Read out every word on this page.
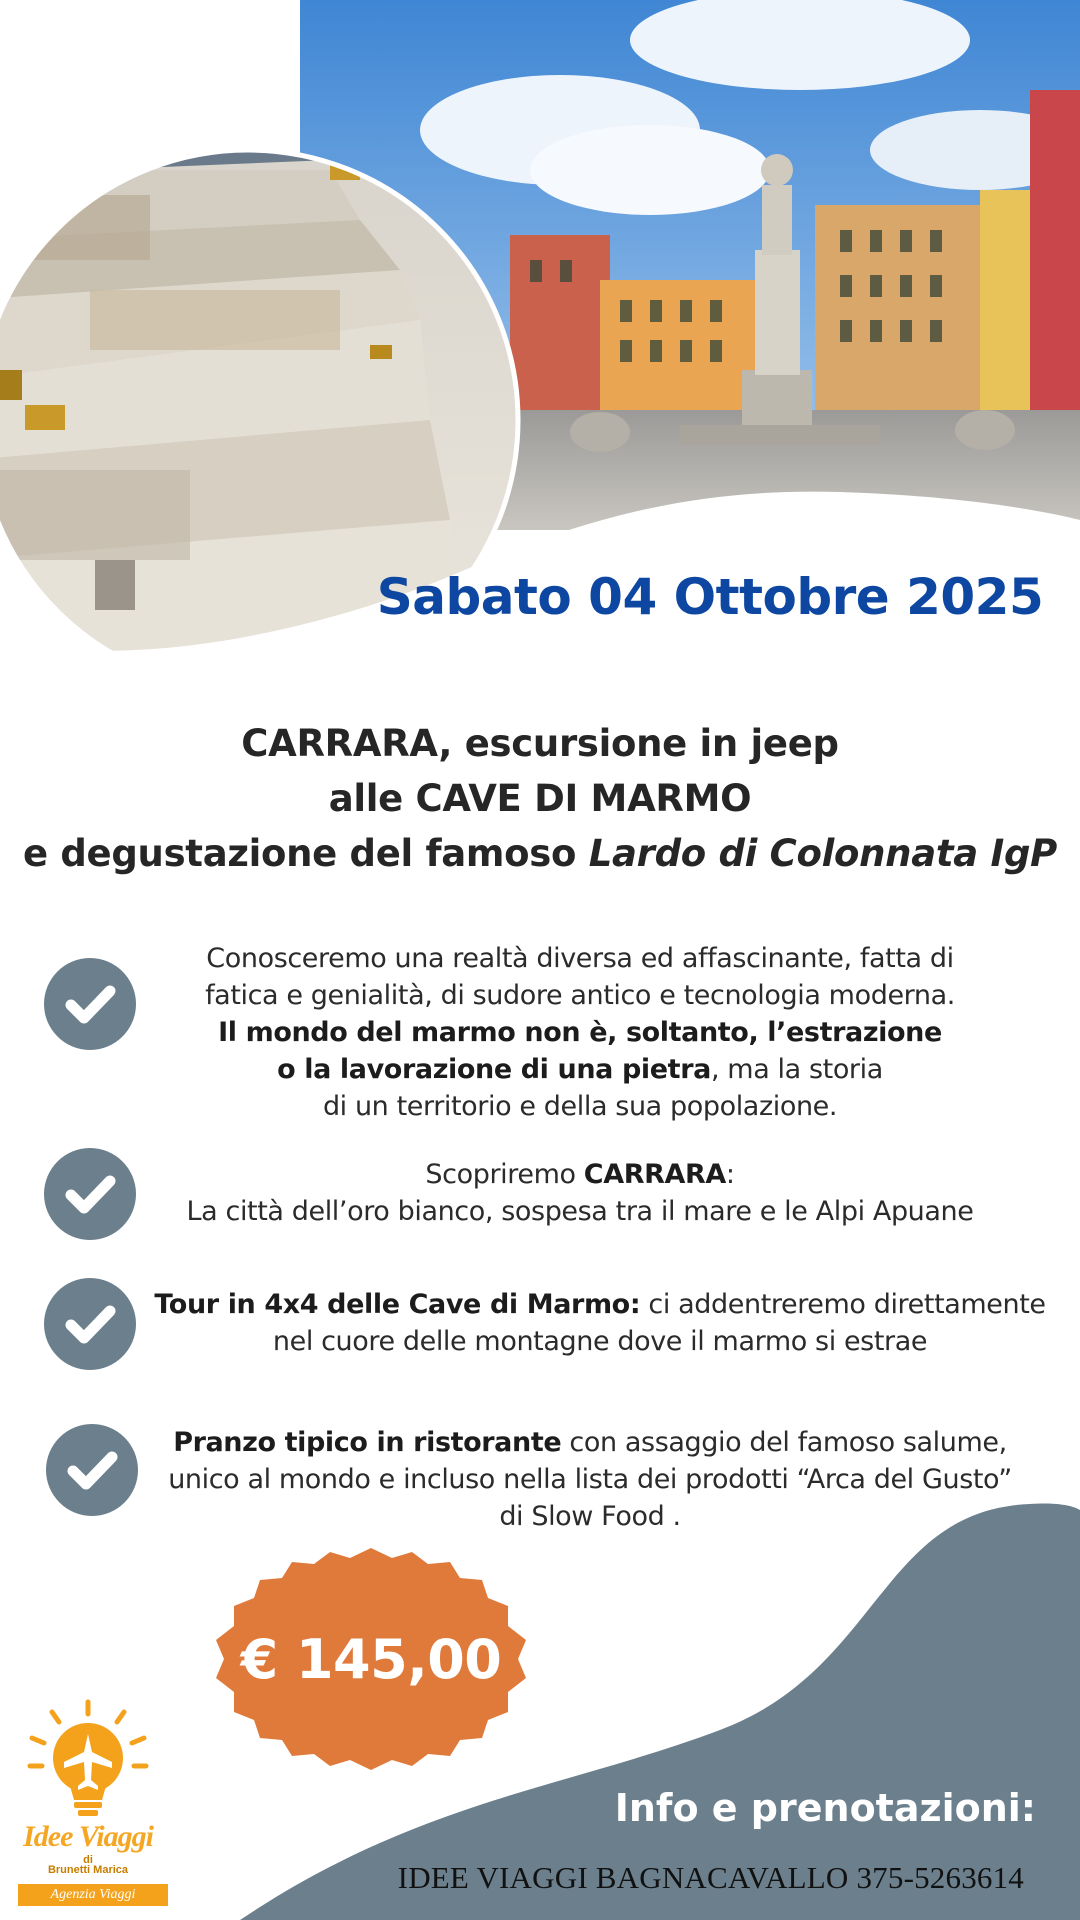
Sabato 04 Ottobre 2025
CARRARA, escursione in jeep
alle CAVE DI MARMO
e degustazione del famoso Lardo di Colonnata IgP
Conosceremo una realtà diversa ed affascinante, fatta di
fatica e genialità, di sudore antico e tecnologia moderna.
Il mondo del marmo non è, soltanto, l’estrazione
o la lavorazione di una pietra, ma la storia
di un territorio e della sua popolazione.
Scopriremo CARRARA:
La città dell’oro bianco, sospesa tra il mare e le Alpi Apuane
Tour in 4x4 delle Cave di Marmo: ci addentreremo direttamente
nel cuore delle montagne dove il marmo si estrae
Pranzo tipico in ristorante con assaggio del famoso salume,
unico al mondo e incluso nella lista dei prodotti “Arca del Gusto”
di Slow Food .
€ 145,00
Info e prenotazioni:
IDEE VIAGGI BAGNACAVALLO 375-5263614
Idee Viaggi
di
Brunetti Marica
Agenzia Viaggi
